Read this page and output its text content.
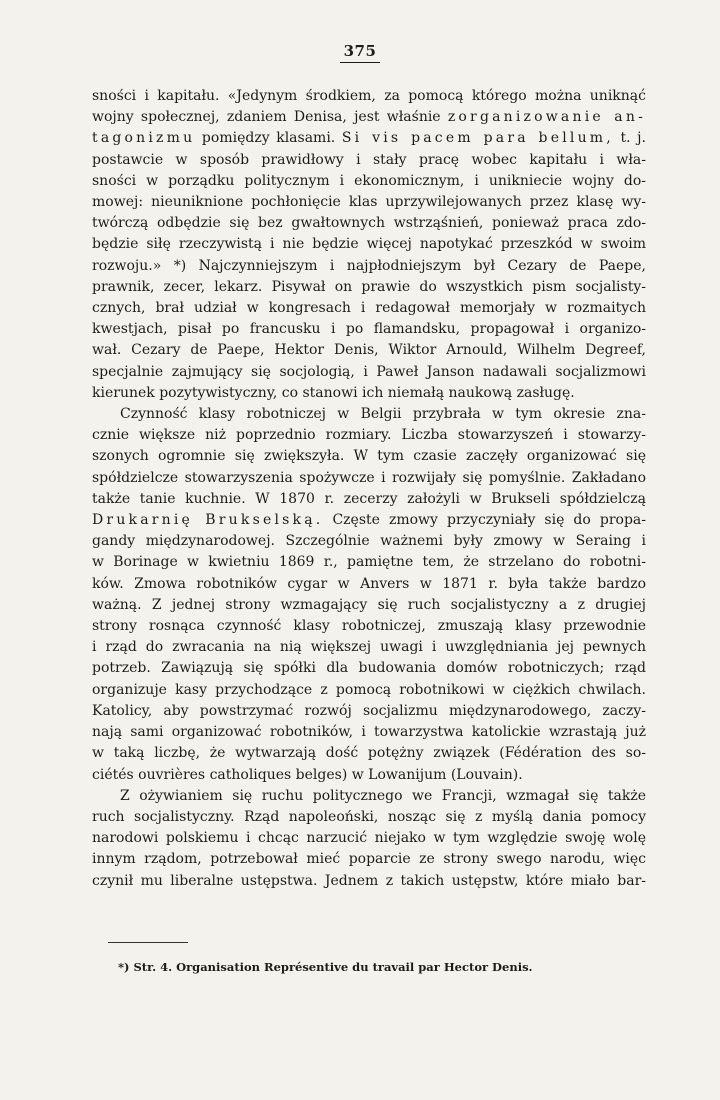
375
sności i kapitału. «Jedynym środkiem, za pomocą którego można uniknąć
wojny społecznej, zdaniem Denisa, jest właśnie zorganizowanie an-
tagonizmu pomiędzy klasami. Si vis pacem para bellum, t. j.
postawcie w sposób prawidłowy i stały pracę wobec kapitału i wła-
sności w porządku politycznym i ekonomicznym, i unikniecie wojny do-
mowej: nieuniknione pochłonięcie klas uprzywilejowanych przez klasę wy-
twórczą odbędzie się bez gwałtownych wstrząśnień, ponieważ praca zdo-
będzie siłę rzeczywistą i nie będzie więcej napotykać przeszkód w swoim
rozwoju.» *) Najczynniejszym i najpłodniejszym był Cezary de Paepe,
prawnik, zecer, lekarz. Pisywał on prawie do wszystkich pism socjalisty-
cznych, brał udział w kongresach i redagował memorjały w rozmaitych
kwestjach, pisał po francusku i po flamandsku, propagował i organizo-
wał. Cezary de Paepe, Hektor Denis, Wiktor Arnould, Wilhelm Degreef,
specjalnie zajmujący się socjologią, i Paweł Janson nadawali socjalizmowi
kierunek pozytywistyczny, co stanowi ich niemałą naukową zasługę.
Czynność klasy robotniczej w Belgii przybrała w tym okresie zna-
cznie większe niż poprzednio rozmiary. Liczba stowarzyszeń i stowarzy-
szonych ogromnie się zwiększyła. W tym czasie zaczęły organizować się
spółdzielcze stowarzyszenia spożywcze i rozwijały się pomyślnie. Zakładano
także tanie kuchnie. W 1870 r. zecerzy założyli w Brukseli spółdzielczą
Drukarnię Brukselską. Częste zmowy przyczyniały się do propa-
gandy międzynarodowej. Szczególnie ważnemi były zmowy w Seraing i
w Borinage w kwietniu 1869 r., pamiętne tem, że strzelano do robotni-
ków. Zmowa robotników cygar w Anvers w 1871 r. była także bardzo
ważną. Z jednej strony wzmagający się ruch socjalistyczny a z drugiej
strony rosnąca czynność klasy robotniczej, zmuszają klasy przewodnie
i rząd do zwracania na nią większej uwagi i uwzględniania jej pewnych
potrzeb. Zawiązują się spółki dla budowania domów robotniczych; rząd
organizuje kasy przychodzące z pomocą robotnikowi w ciężkich chwilach.
Katolicy, aby powstrzymać rozwój socjalizmu międzynarodowego, zaczy-
nają sami organizować robotników, i towarzystwa katolickie wzrastają już
w taką liczbę, że wytwarzają dość potężny związek (Fédération des so-
ciétés ouvrières catholiques belges) w Lowanijum (Louvain).
Z ożywianiem się ruchu politycznego we Francji, wzmagał się także
ruch socjalistyczny. Rząd napoleoński, nosząc się z myślą dania pomocy
narodowi polskiemu i chcąc narzucić niejako w tym względzie swoję wolę
innym rządom, potrzebował mieć poparcie ze strony swego narodu, więc
czynił mu liberalne ustępstwa. Jednem z takich ustępstw, które miało bar-
*) Str. 4. Organisation Représentive du travail par Hector Denis.
